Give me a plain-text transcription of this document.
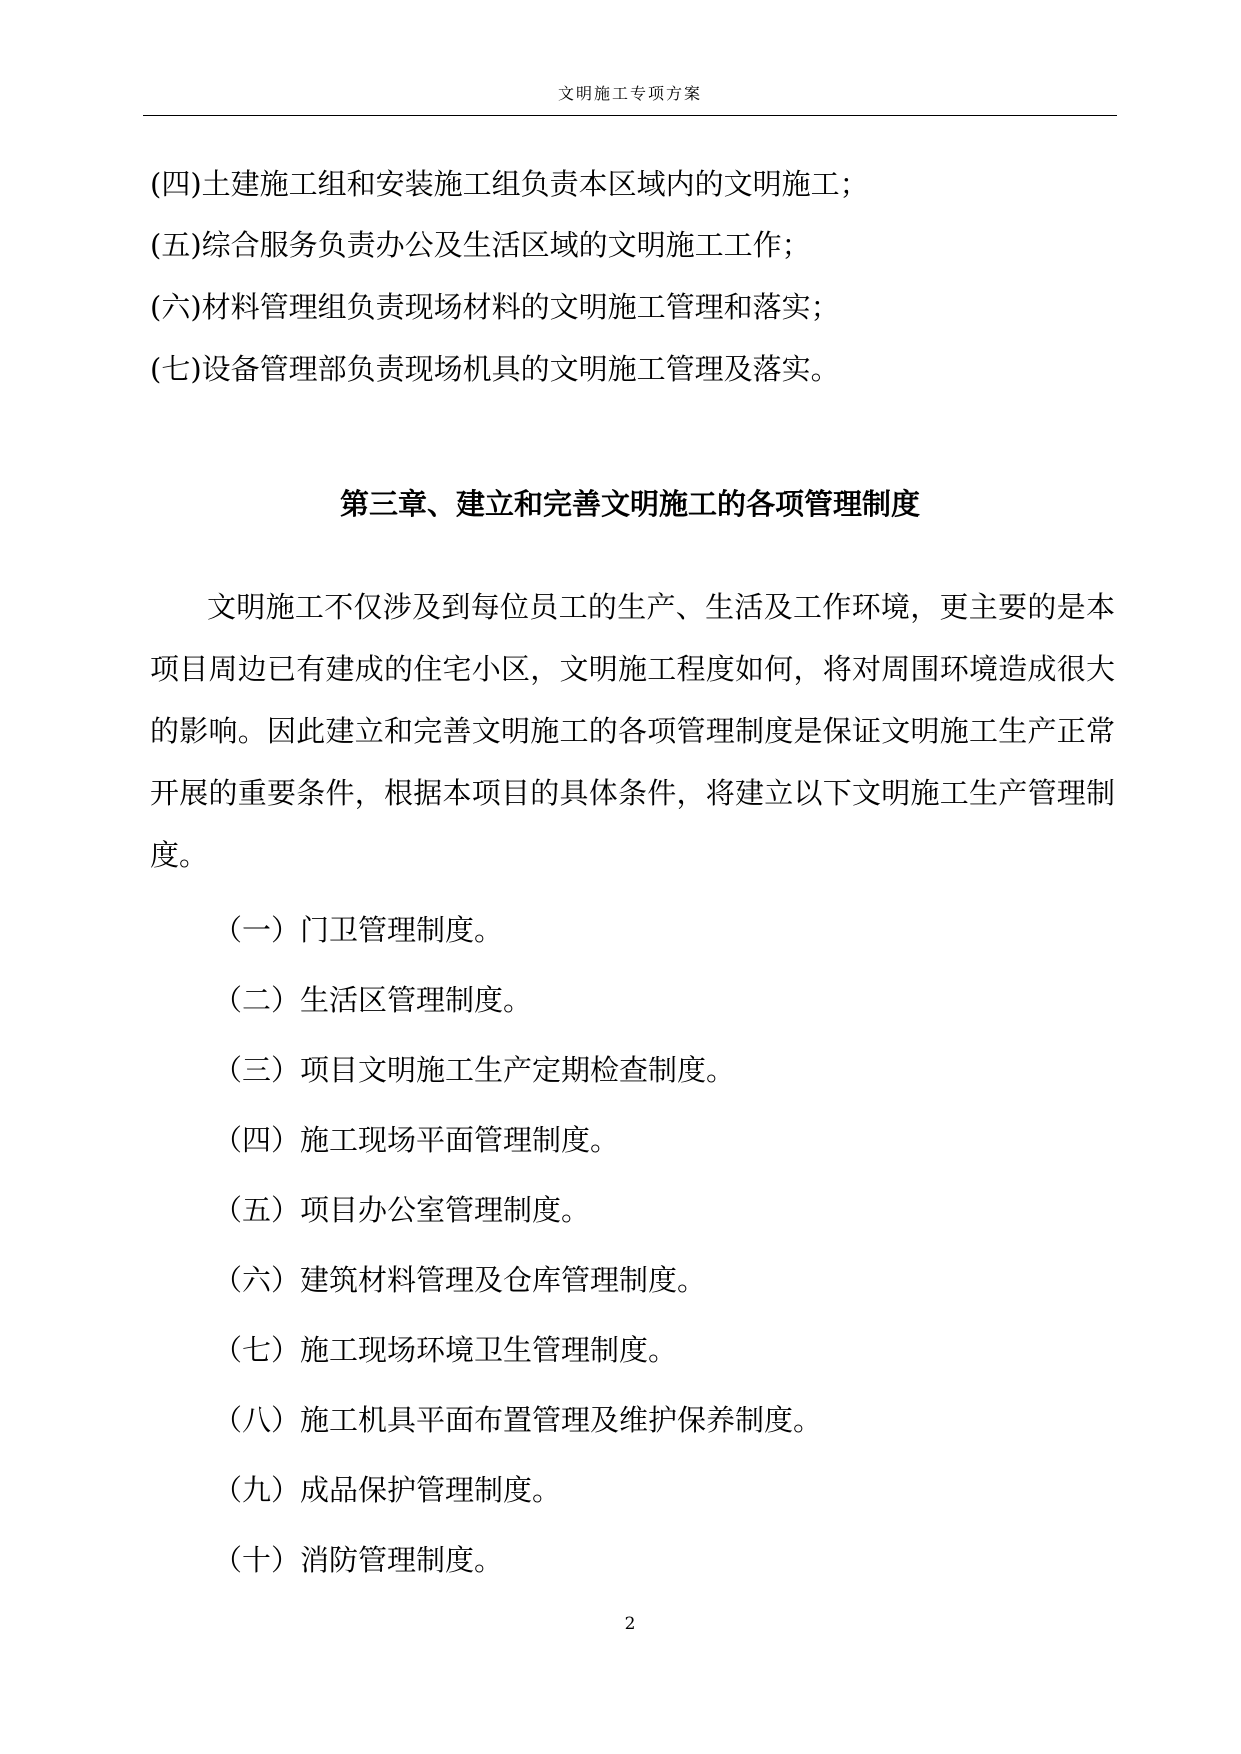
文明施工专项方案
(四)土建施工组和安装施工组负责本区域内的文明施工；
(五)综合服务负责办公及生活区域的文明施工工作；
(六)材料管理组负责现场材料的文明施工管理和落实；
(七)设备管理部负责现场机具的文明施工管理及落实。
第三章、建立和完善文明施工的各项管理制度
文明施工不仅涉及到每位员工的生产、生活及工作环境，更主要的是本
项目周边已有建成的住宅小区，文明施工程度如何，将对周围环境造成很大
的影响。因此建立和完善文明施工的各项管理制度是保证文明施工生产正常
开展的重要条件，根据本项目的具体条件，将建立以下文明施工生产管理制
度。
（一）门卫管理制度。
（二）生活区管理制度。
（三）项目文明施工生产定期检查制度。
（四）施工现场平面管理制度。
（五）项目办公室管理制度。
（六）建筑材料管理及仓库管理制度。
（七）施工现场环境卫生管理制度。
（八）施工机具平面布置管理及维护保养制度。
（九）成品保护管理制度。
（十）消防管理制度。
2
